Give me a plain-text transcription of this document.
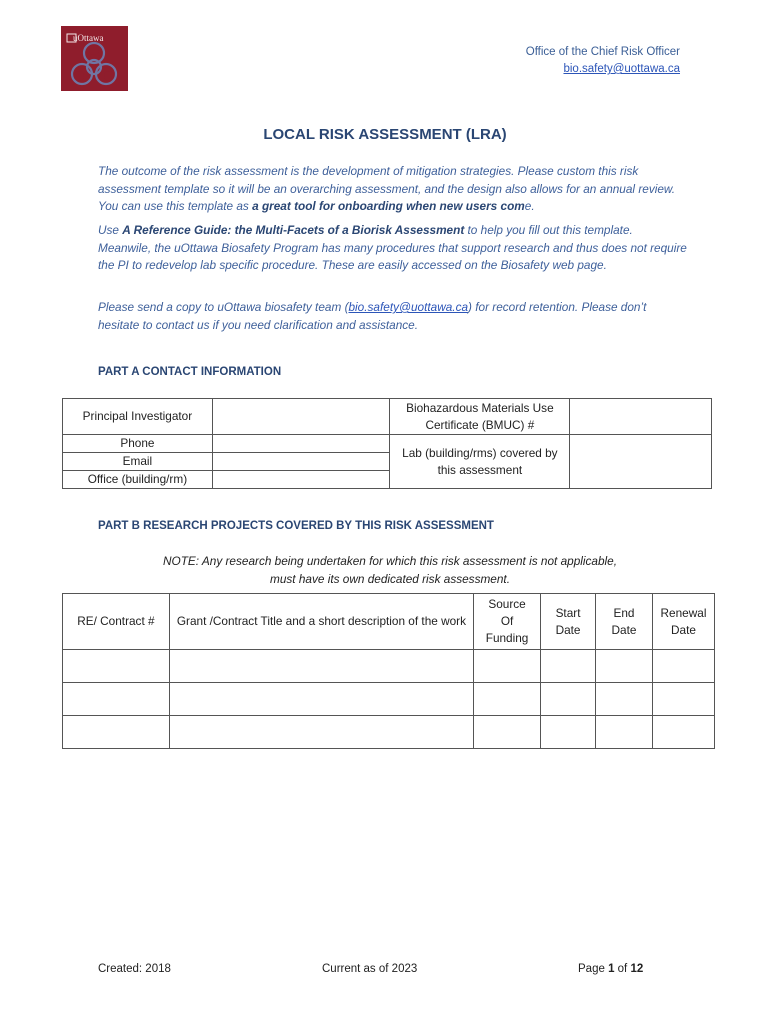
uOttawa
Office of the Chief Risk Officer
bio.safety@uottawa.ca
LOCAL RISK ASSESSMENT (LRA)

The outcome of the risk assessment is the development of mitigation strategies. Please custom this risk assessment template so it will be an overarching assessment, and the design also allows for an annual review. You can use this template as a great tool for onboarding when new users come.

Use A Reference Guide: the Multi-Facets of a Biorisk Assessment to help you fill out this template. Meanwile, the uOttawa Biosafety Program has many procedures that support research and thus does not require the PI to redevelop lab specific procedure. These are easily accessed on the Biosafety web page.

Please send a copy to uOttawa biosafety team (bio.safety@uottawa.ca) for record retention. Please don’t hesitate to contact us if you need clarification and assistance.

PART A CONTACT INFORMATION
Principal Investigator		Biohazardous Materials Use Certificate (BMUC) #	
Phone		Lab (building/rms) covered by this assessment	
Email			
Office (building/rm)			
PART B RESEARCH PROJECTS COVERED BY THIS RISK ASSESSMENT
NOTE: Any research being undertaken for which this risk assessment is not applicable,
must have its own dedicated risk assessment.
RE/ Contract #	Grant /Contract Title and a short description of the work	Source Of Funding	Start Date	End Date	Renewal Date

Created: 2018	Current as of 2023	Page 1 of 12
